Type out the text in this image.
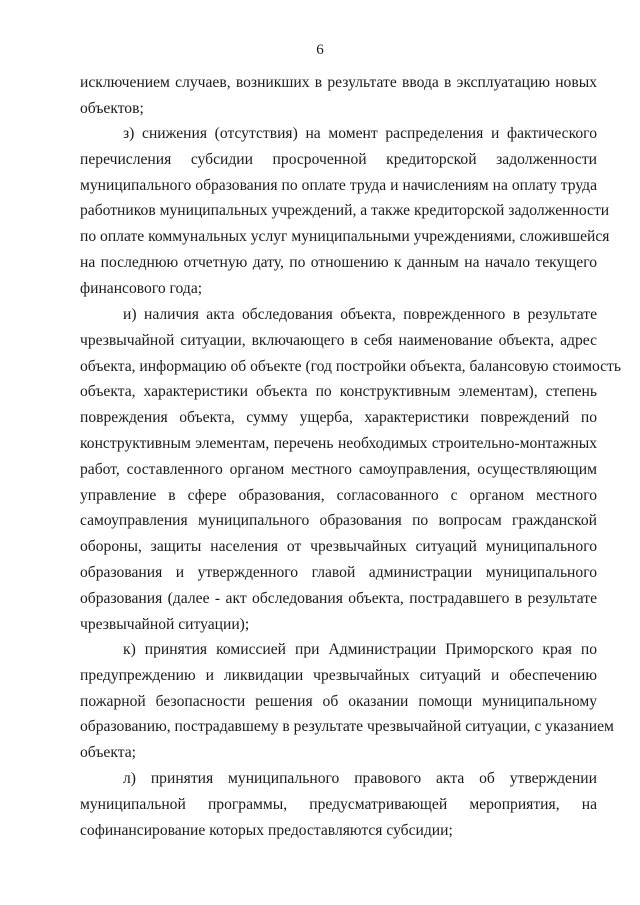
6
исключением случаев, возникших в результате ввода в эксплуатацию новых
объектов;
з) снижения (отсутствия) на момент распределения и фактического
перечисления субсидии просроченной кредиторской задолженности
муниципального образования по оплате труда и начислениям на оплату труда
работников муниципальных учреждений, а также кредиторской задолженности
по оплате коммунальных услуг муниципальными учреждениями, сложившейся
на последнюю отчетную дату, по отношению к данным на начало текущего
финансового года;
и) наличия акта обследования объекта, поврежденного в результате
чрезвычайной ситуации, включающего в себя наименование объекта, адрес
объекта, информацию об объекте (год постройки объекта, балансовую стоимость
объекта, характеристики объекта по конструктивным элементам), степень
повреждения объекта, сумму ущерба, характеристики повреждений по
конструктивным элементам, перечень необходимых строительно-монтажных
работ, составленного органом местного самоуправления, осуществляющим
управление в сфере образования, согласованного с органом местного
самоуправления муниципального образования по вопросам гражданской
обороны, защиты населения от чрезвычайных ситуаций муниципального
образования и утвержденного главой администрации муниципального
образования (далее - акт обследования объекта, пострадавшего в результате
чрезвычайной ситуации);
к) принятия комиссией при Администрации Приморского края по
предупреждению и ликвидации чрезвычайных ситуаций и обеспечению
пожарной безопасности решения об оказании помощи муниципальному
образованию, пострадавшему в результате чрезвычайной ситуации, с указанием
объекта;
л) принятия муниципального правового акта об утверждении
муниципальной программы, предусматривающей мероприятия, на
софинансирование которых предоставляются субсидии;
